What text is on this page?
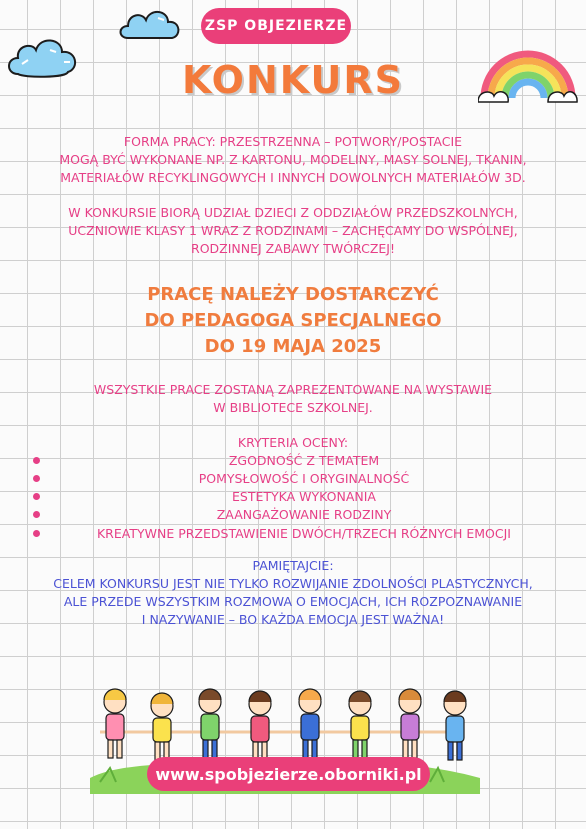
ZSP OBJEZIERZE
KONKURS
FORMA PRACY: PRZESTRZENNA – POTWORY/POSTACIE
MOGĄ BYĆ WYKONANE NP. Z KARTONU, MODELINY, MASY SOLNEJ, TKANIN,
MATERIAŁÓW RECYKLINGOWYCH I INNYCH DOWOLNYCH MATERIAŁÓW 3D.
W KONKURSIE BIORĄ UDZIAŁ DZIECI Z ODDZIAŁÓW PRZEDSZKOLNYCH,
UCZNIOWIE KLASY 1 WRAZ Z RODZINAMI – ZACHĘCAMY DO WSPÓLNEJ,
RODZINNEJ ZABAWY TWÓRCZEJ!
PRACĘ NALEŻY DOSTARCZYĆ
DO PEDAGOGA SPECJALNEGO
DO 19 MAJA 2025
WSZYSTKIE PRACE ZOSTANĄ ZAPREZENTOWANE NA WYSTAWIE
W BIBLIOTECE SZKOLNEJ.
KRYTERIA OCENY:
ZGODNOŚĆ Z TEMATEM
POMYSŁOWOŚĆ I ORYGINALNOŚĆ
ESTETYKA WYKONANIA
ZAANGAŻOWANIE RODZINY
KREATYWNE PRZEDSTAWIENIE DWÓCH/TRZECH RÓŻNYCH EMOCJI
PAMIĘTAJCIE:
CELEM KONKURSU JEST NIE TYLKO ROZWIJANIE ZDOLNOŚCI PLASTYCZNYCH,
ALE PRZEDE WSZYSTKIM ROZMOWA O EMOCJACH, ICH ROZPOZNAWANIE
I NAZYWANIE – BO KAŻDA EMOCJA JEST WAŻNA!
www.spobjezierze.oborniki.pl
